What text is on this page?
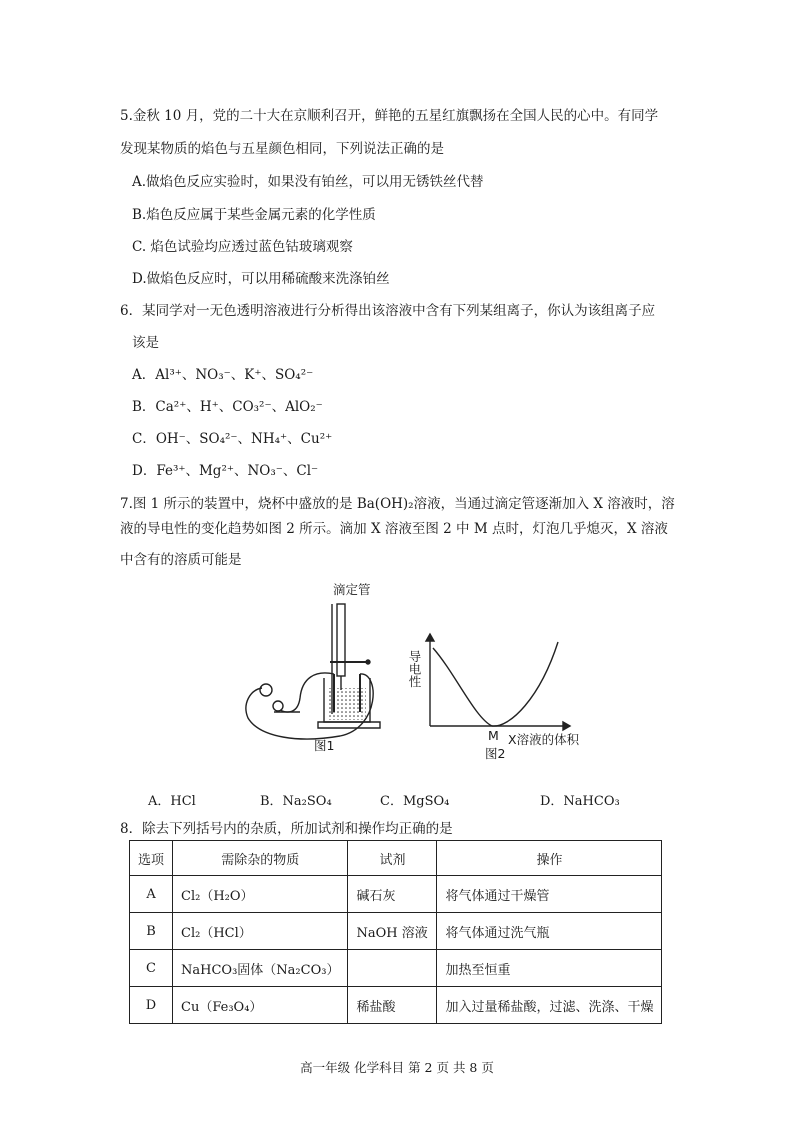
5.金秋 10 月，党的二十大在京顺利召开，鲜艳的五星红旗飘扬在全国人民的心中。有同学
发现某物质的焰色与五星颜色相同，下列说法正确的是
A.做焰色反应实验时，如果没有铂丝，可以用无锈铁丝代替
B.焰色反应属于某些金属元素的化学性质
C. 焰色试验均应透过蓝色钴玻璃观察
D.做焰色反应时，可以用稀硫酸来洗涤铂丝
6．某同学对一无色透明溶液进行分析得出该溶液中含有下列某组离子，你认为该组离子应
该是
A．Al³⁺、NO₃⁻、K⁺、SO₄²⁻
B．Ca²⁺、H⁺、CO₃²⁻、AlO₂⁻
C．OH⁻、SO₄²⁻、NH₄⁺、Cu²⁺
D．Fe³⁺、Mg²⁺、NO₃⁻、Cl⁻
7.图 1 所示的装置中，烧杯中盛放的是 Ba(OH)₂溶液，当通过滴定管逐渐加入 X 溶液时，溶
液的导电性的变化趋势如图 2 所示。滴加 X 溶液至图 2 中 M 点时，灯泡几乎熄灭，X 溶液
中含有的溶质可能是
滴定管
图1
导电性
M X溶液的体积
图2
A．HCl	B．Na₂SO₄	C．MgSO₄	D．NaHCO₃
8．除去下列括号内的杂质，所加试剂和操作均正确的是
选项	需除杂的物质	试剂	操作
A	Cl₂（H₂O）	碱石灰	将气体通过干燥管
B	Cl₂（HCl）	NaOH 溶液	将气体通过洗气瓶
C	NaHCO₃固体（Na₂CO₃）		加热至恒重
D	Cu（Fe₃O₄）	稀盐酸	加入过量稀盐酸，过滤、洗涤、干燥
高一年级 化学科目 第 2 页 共 8 页
